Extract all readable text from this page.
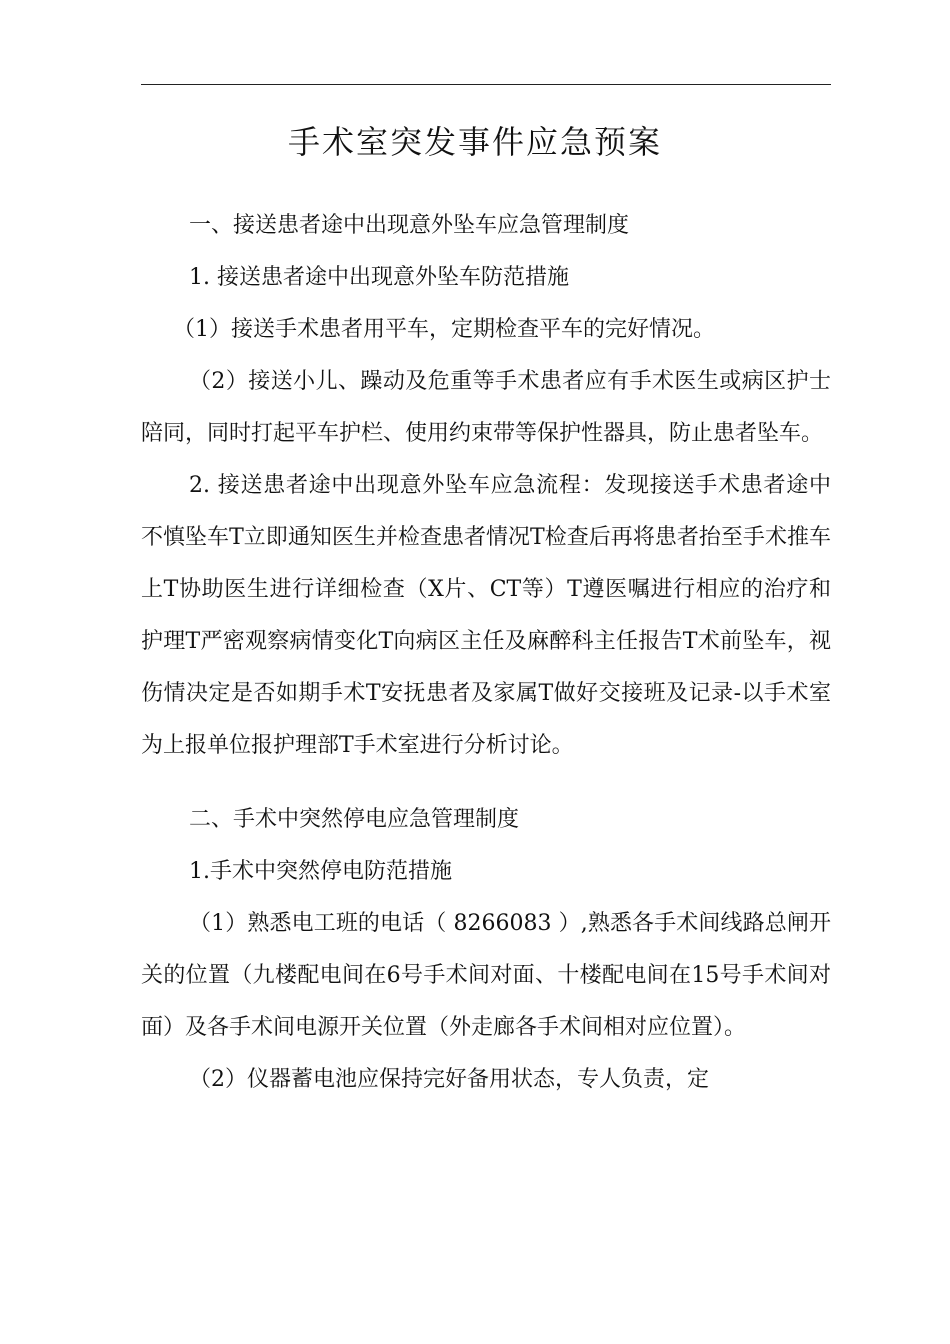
手术室突发事件应急预案

一、接送患者途中出现意外坠车应急管理制度

1. 接送患者途中出现意外坠车防范措施

（1）接送手术患者用平车，定期检查平车的完好情况。

（2）接送小儿、躁动及危重等手术患者应有手术医生或病区护士陪同，同时打起平车护栏、使用约束带等保护性器具，防止患者坠车。

2. 接送患者途中出现意外坠车应急流程：发现接送手术患者途中不慎坠车T立即通知医生并检查患者情况T检查后再将患者抬至手术推车上T协助医生进行详细检查（X片、CT等）T遵医嘱进行相应的治疗和护理T严密观察病情变化T向病区主任及麻醉科主任报告T术前坠车，视伤情决定是否如期手术T安抚患者及家属T做好交接班及记录-以手术室为上报单位报护理部T手术室进行分析讨论。

二、手术中突然停电应急管理制度

1.手术中突然停电防范措施

（1）熟悉电工班的电话（ 8266083 ）,熟悉各手术间线路总闸开关的位置（九楼配电间在6号手术间对面、十楼配电间在15号手术间对面）及各手术间电源开关位置（外走廊各手术间相对应位置）。

（2）仪器蓄电池应保持完好备用状态，专人负责，定
